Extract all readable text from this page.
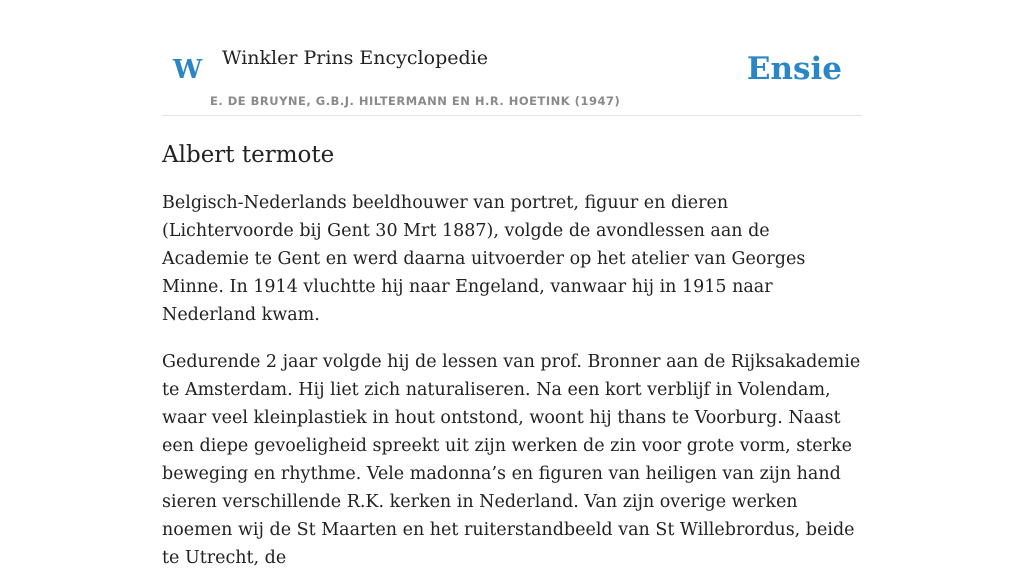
W Winkler Prins Encyclopedie
E. DE BRUYNE, G.B.J. HILTERMANN EN H.R. HOETINK (1947)
Ensie
Albert termote

Belgisch-Nederlands beeldhouwer van portret, figuur en dieren (Lichtervoorde bij Gent 30 Mrt 1887), volgde de avondlessen aan de Academie te Gent en werd daarna uitvoerder op het atelier van Georges Minne. In 1914 vluchtte hij naar Engeland, vanwaar hij in 1915 naar Nederland kwam.

Gedurende 2 jaar volgde hij de lessen van prof. Bronner aan de Rijksakademie te Amsterdam. Hij liet zich naturaliseren. Na een kort verblijf in Volendam, waar veel kleinplastiek in hout ontstond, woont hij thans te Voorburg. Naast een diepe gevoeligheid spreekt uit zijn werken de zin voor grote vorm, sterke beweging en rhythme. Vele madonna’s en figuren van heiligen van zijn hand sieren verschillende R.K. kerken in Nederland. Van zijn overige werken noemen wij de St Maarten en het ruiterstandbeeld van St Willebrordus, beide te Utrecht, de
